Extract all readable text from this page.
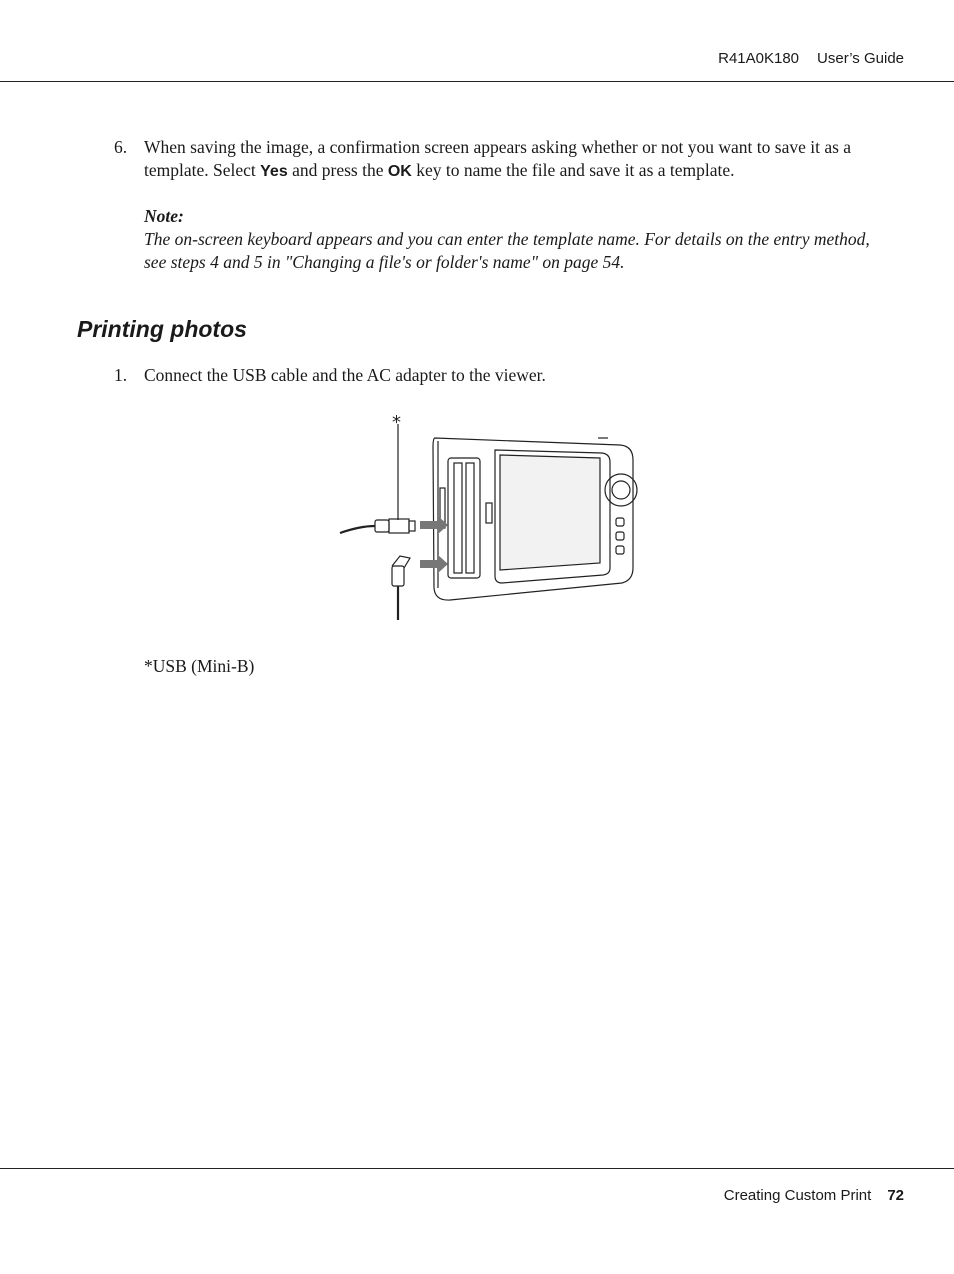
R41A0K180 User’s Guide
6. When saving the image, a confirmation screen appears asking whether or not you want to save it as a template. Select Yes and press the OK key to name the file and save it as a template.
Note:
The on-screen keyboard appears and you can enter the template name. For details on the entry method, see steps 4 and 5 in "Changing a file's or folder's name" on page 54.
Printing photos
1. Connect the USB cable and the AC adapter to the viewer.
*
*USB (Mini-B)
Creating Custom Print 72
